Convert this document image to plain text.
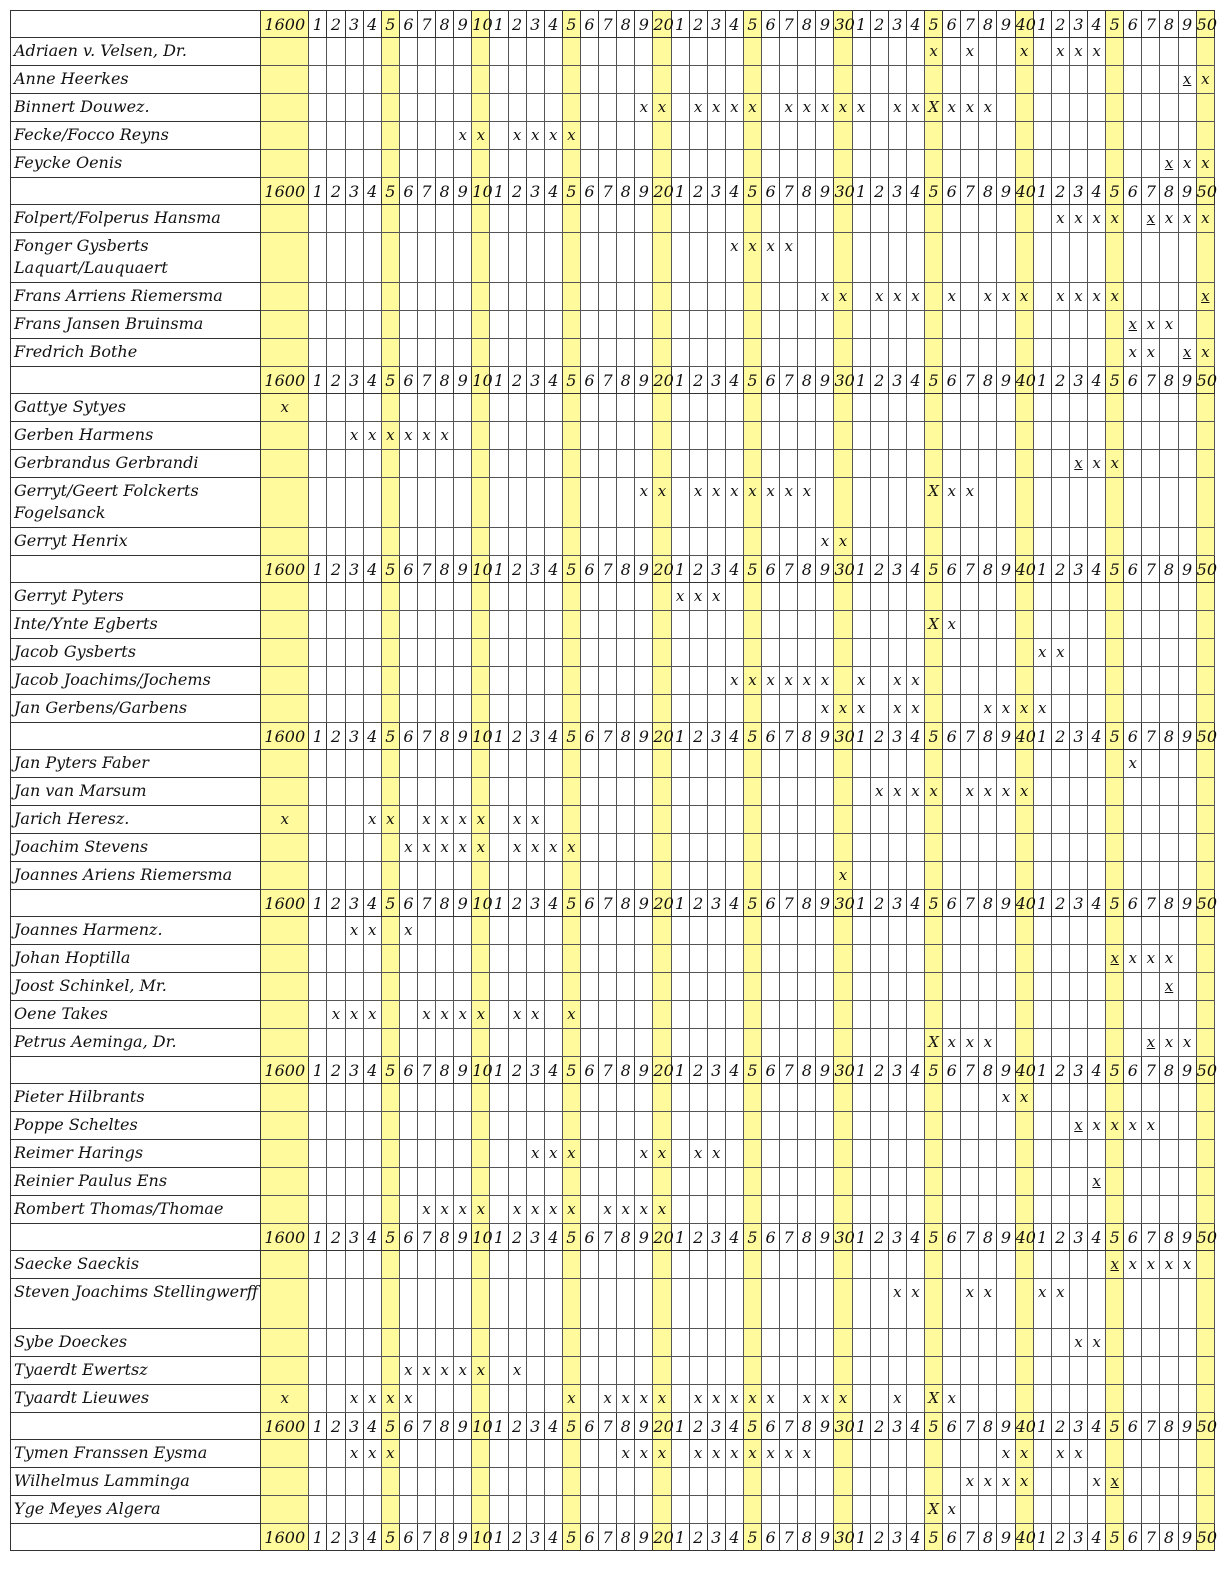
	1600	1	2	3	4	5	6	7	8	9	10	1	2	3	4	5	6	7	8	9	20	1	2	3	4	5	6	7	8	9	30	1	2	3	4	5	6	7	8	9	40	1	2	3	4	5	6	7	8	9	50
Adriaen v. Velsen, Dr.																																				x		x			x		x	x	x						
Anne Heerkes																																																		x	x
Binnert Douwez.																				x	x		x	x	x	x		x	x	x	x	x		x	x	X	x	x	x												
Fecke/Focco Reyns										x	x		x	x	x	x																																			
Feycke Oenis																																																	x	x	x
	1600	1	2	3	4	5	6	7	8	9	10	1	2	3	4	5	6	7	8	9	20	1	2	3	4	5	6	7	8	9	30	1	2	3	4	5	6	7	8	9	40	1	2	3	4	5	6	7	8	9	50
Folpert/Folperus Hansma																																											x	x	x	x		x	x	x	x
Fonger Gysberts Laquart/Lauquaert																									x	x	x	x																							
Frans Arriens Riemersma																														x	x		x	x	x		x		x	x	x		x	x	x	x					x
Frans Jansen Bruinsma																																															x	x	x		
Fredrich Bothe																																															x	x		x	x
	1600	1	2	3	4	5	6	7	8	9	10	1	2	3	4	5	6	7	8	9	20	1	2	3	4	5	6	7	8	9	30	1	2	3	4	5	6	7	8	9	40	1	2	3	4	5	6	7	8	9	50
Gattye Sytyes	x																																																		
Gerben Harmens				x	x	x	x	x	x																																										
Gerbrandus Gerbrandi																																												x	x	x					
Gerryt/Geert Folckerts Fogelsanck																				x	x		x	x	x	x	x	x	x							X	x	x													
Gerryt Henrix																														x	x																				
	1600	1	2	3	4	5	6	7	8	9	10	1	2	3	4	5	6	7	8	9	20	1	2	3	4	5	6	7	8	9	30	1	2	3	4	5	6	7	8	9	40	1	2	3	4	5	6	7	8	9	50
Gerryt Pyters																						x	x	x																											
Inte/Ynte Egberts																																				X	x														
Jacob Gysberts																																										x	x								
Jacob Joachims/Jochems																									x	x	x	x	x	x		x		x	x																
Jan Gerbens/Garbens																														x	x	x		x	x				x	x	x	x									
	1600	1	2	3	4	5	6	7	8	9	10	1	2	3	4	5	6	7	8	9	20	1	2	3	4	5	6	7	8	9	30	1	2	3	4	5	6	7	8	9	40	1	2	3	4	5	6	7	8	9	50
Jan Pyters Faber																																															x				
Jan van Marsum																																	x	x	x	x		x	x	x	x										
Jarich Heresz.	x				x	x		x	x	x	x		x	x																																					
Joachim Stevens							x	x	x	x	x		x	x	x	x																																			
Joannes Ariens Riemersma																															x																				
	1600	1	2	3	4	5	6	7	8	9	10	1	2	3	4	5	6	7	8	9	20	1	2	3	4	5	6	7	8	9	30	1	2	3	4	5	6	7	8	9	40	1	2	3	4	5	6	7	8	9	50
Joannes Harmenz.				x	x		x																																												
Johan Hoptilla																																														x	x	x	x		
Joost Schinkel, Mr.																																																	x		
Oene Takes			x	x	x			x	x	x	x		x	x		x																																			
Petrus Aeminga, Dr.																																				X	x	x	x									x	x	x	
	1600	1	2	3	4	5	6	7	8	9	10	1	2	3	4	5	6	7	8	9	20	1	2	3	4	5	6	7	8	9	30	1	2	3	4	5	6	7	8	9	40	1	2	3	4	5	6	7	8	9	50
Pieter Hilbrants																																								x	x										
Poppe Scheltes																																												x	x	x	x	x			
Reimer Harings														x	x	x				x	x		x	x																											
Reinier Paulus Ens																																													x						
Rombert Thomas/Thomae								x	x	x	x		x	x	x	x		x	x	x	x																														
	1600	1	2	3	4	5	6	7	8	9	10	1	2	3	4	5	6	7	8	9	20	1	2	3	4	5	6	7	8	9	30	1	2	3	4	5	6	7	8	9	40	1	2	3	4	5	6	7	8	9	50
Saecke Saeckis																																														x	x	x	x	x	
Steven Joachims Stellingwerff																																		x	x			x	x			x	x								
Sybe Doeckes																																												x	x						
Tyaerdt Ewertsz							x	x	x	x	x		x																																						
Tyaardt Lieuwes	x			x	x	x	x									x		x	x	x	x		x	x	x	x	x		x	x	x			x		X	x														
	1600	1	2	3	4	5	6	7	8	9	10	1	2	3	4	5	6	7	8	9	20	1	2	3	4	5	6	7	8	9	30	1	2	3	4	5	6	7	8	9	40	1	2	3	4	5	6	7	8	9	50
Tymen Franssen Eysma				x	x	x													x	x	x		x	x	x	x	x	x	x											x	x		x	x							
Wilhelmus Lamminga																																						x	x	x	x				x	x					
Yge Meyes Algera																																				X	x														
	1600	1	2	3	4	5	6	7	8	9	10	1	2	3	4	5	6	7	8	9	20	1	2	3	4	5	6	7	8	9	30	1	2	3	4	5	6	7	8	9	40	1	2	3	4	5	6	7	8	9	50
